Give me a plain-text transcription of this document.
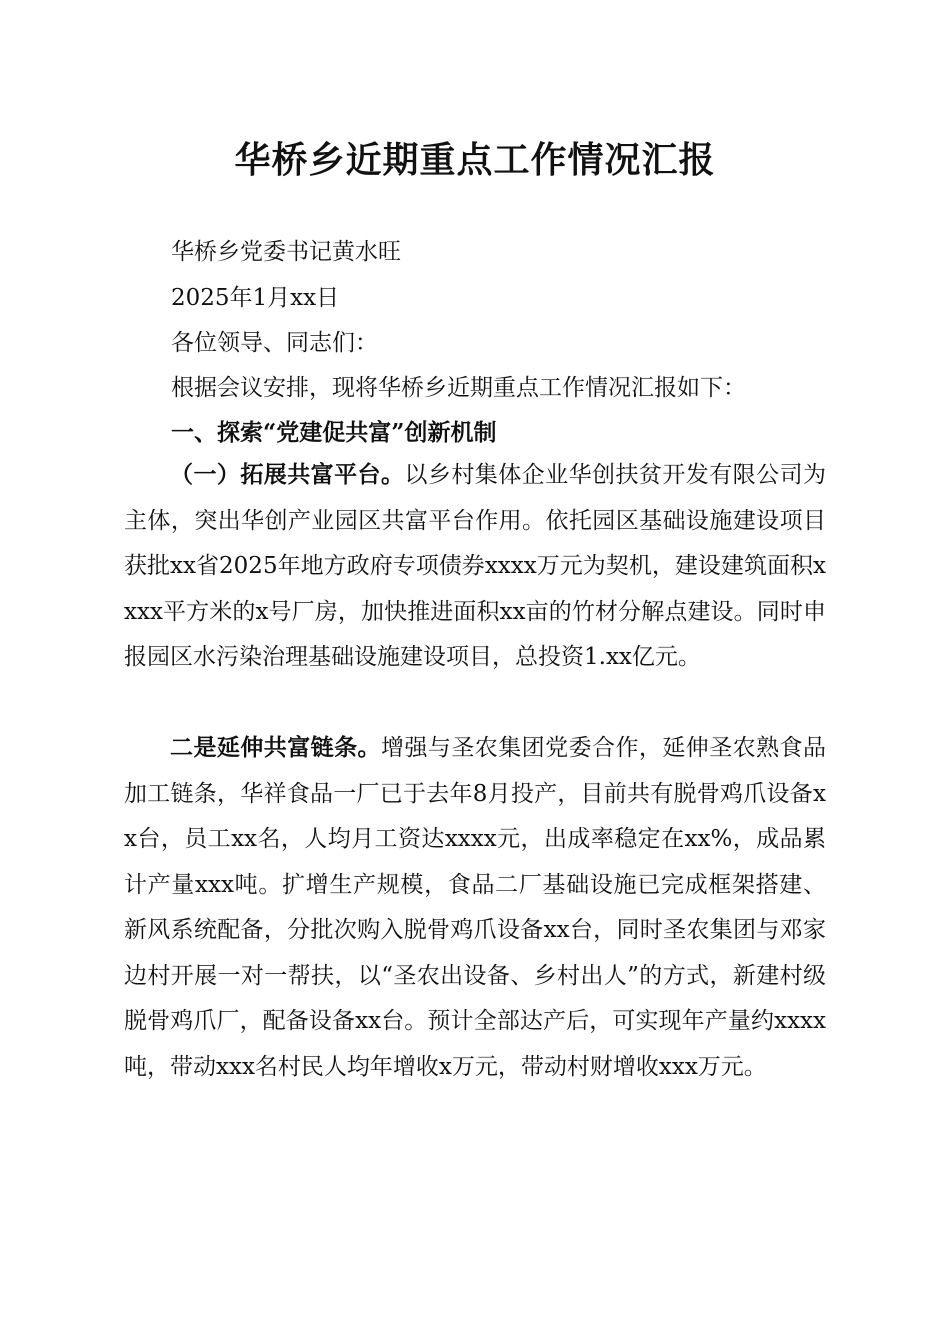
华桥乡近期重点工作情况汇报

华桥乡党委书记黄水旺

2025年1月xx日

各位领导、同志们：

根据会议安排，现将华桥乡近期重点工作情况汇报如下：

一、探索“党建促共富”创新机制

（一）拓展共富平台。以乡村集体企业华创扶贫开发有限公司为主体，突出华创产业园区共富平台作用。依托园区基础设施建设项目获批xx省2025年地方政府专项债券xxxx万元为契机，建设建筑面积xxxx平方米的x号厂房，加快推进面积xx亩的竹材分解点建设。同时申报园区水污染治理基础设施建设项目，总投资1.xx亿元。

二是延伸共富链条。增强与圣农集团党委合作，延伸圣农熟食品加工链条，华祥食品一厂已于去年8月投产，目前共有脱骨鸡爪设备xx台，员工xx名，人均月工资达xxxx元，出成率稳定在xx%，成品累计产量xxx吨。扩增生产规模，食品二厂基础设施已完成框架搭建、新风系统配备，分批次购入脱骨鸡爪设备xx台，同时圣农集团与邓家边村开展一对一帮扶，以“圣农出设备、乡村出人”的方式，新建村级脱骨鸡爪厂，配备设备xx台。预计全部达产后，可实现年产量约xxxx吨，带动xxx名村民人均年增收x万元，带动村财增收xxx万元。
